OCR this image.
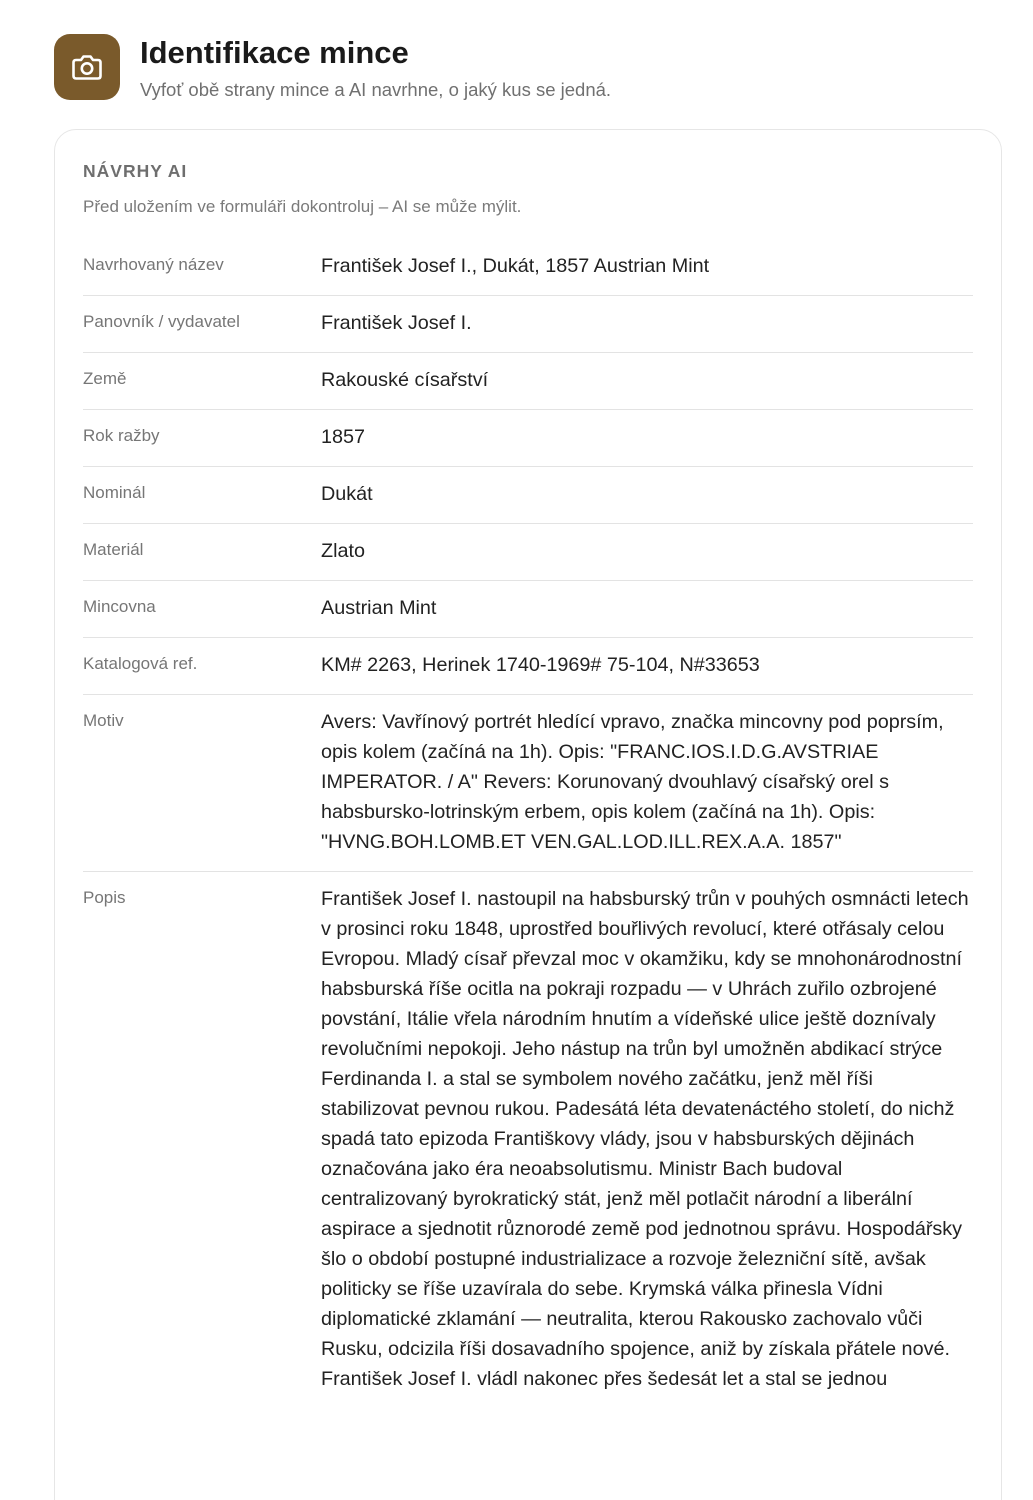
Identifikace mince
Vyfoť obě strany mince a AI navrhne, o jaký kus se jedná.
NÁVRHY AI
Před uložením ve formuláři dokontroluj – AI se může mýlit.
Navrhovaný název	František Josef I., Dukát, 1857 Austrian Mint
Panovník / vydavatel	František Josef I.
Země	Rakouské císařství
Rok ražby	1857
Nominál	Dukát
Materiál	Zlato
Mincovna	Austrian Mint
Katalogová ref.	KM# 2263, Herinek 1740-1969# 75-104, N#33653
Motiv	Avers: Vavřínový portrét hledící vpravo, značka mincovny pod poprsím, opis kolem (začíná na 1h). Opis: "FRANC.IOS.I.D.G.AVSTRIAE IMPERATOR. / A" Revers: Korunovaný dvouhlavý císařský orel s habsbursko-lotrinským erbem, opis kolem (začíná na 1h). Opis: "HVNG.BOH.LOMB.ET VEN.GAL.LOD.ILL.REX.A.A. 1857"
Popis	František Josef I. nastoupil na habsburský trůn v pouhých osmnácti letech v prosinci roku 1848, uprostřed bouřlivých revolucí, které otřásaly celou Evropou. Mladý císař převzal moc v okamžiku, kdy se mnohonárodnostní habsburská říše ocitla na pokraji rozpadu — v Uhrách zuřilo ozbrojené povstání, Itálie vřela národním hnutím a vídeňské ulice ještě doznívaly revolučními nepokoji. Jeho nástup na trůn byl umožněn abdikací strýce Ferdinanda I. a stal se symbolem nového začátku, jenž měl říši stabilizovat pevnou rukou. Padesátá léta devatenáctého století, do nichž spadá tato epizoda Františkovy vlády, jsou v habsburských dějinách označována jako éra neoabsolutismu. Ministr Bach budoval centralizovaný byrokratický stát, jenž měl potlačit národní a liberální aspirace a sjednotit různorodé země pod jednotnou správu. Hospodářsky šlo o období postupné industrializace a rozvoje železniční sítě, avšak politicky se říše uzavírala do sebe. Krymská válka přinesla Vídni diplomatické zklamání — neutralita, kterou Rakousko zachovalo vůči Rusku, odcizila říši dosavadního spojence, aniž by získala přátele nové. František Josef I. vládl nakonec přes šedesát let a stal se jednou
